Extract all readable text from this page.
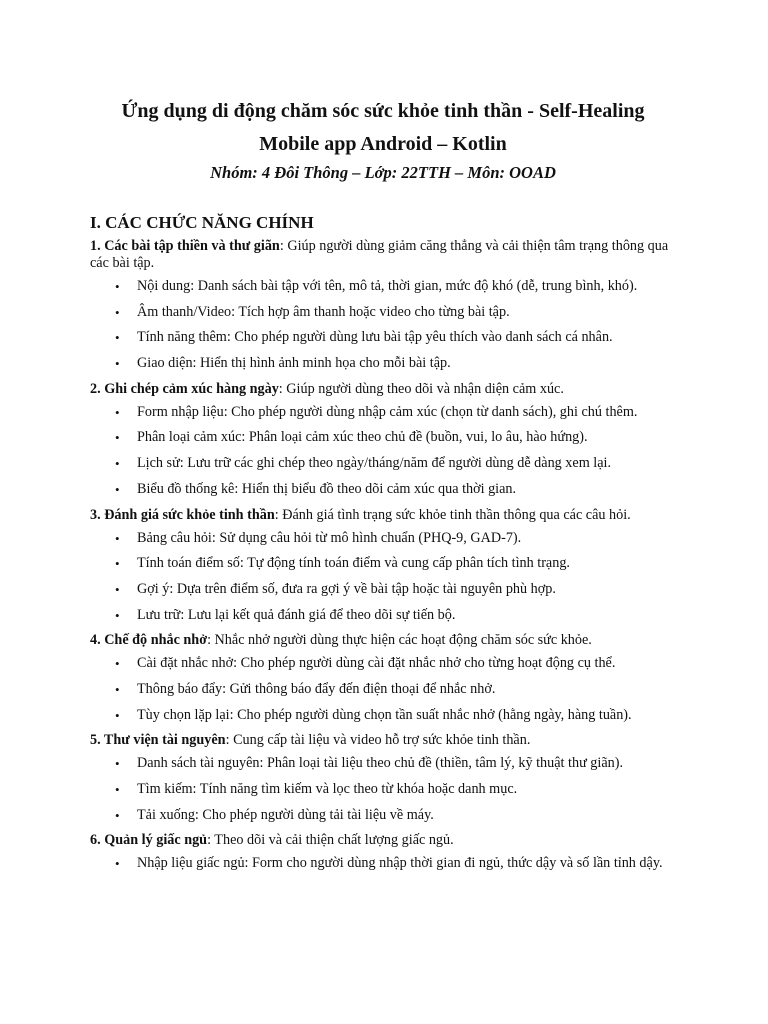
Ứng dụng di động chăm sóc sức khỏe tinh thần - Self-Healing
Mobile app Android – Kotlin

Nhóm: 4 Đôi Thông – Lớp: 22TTH – Môn: OOAD

I. CÁC CHỨC NĂNG CHÍNH

1. Các bài tập thiền và thư giãn: Giúp người dùng giảm căng thẳng và cải thiện tâm trạng thông qua các bài tập.

• Nội dung: Danh sách bài tập với tên, mô tả, thời gian, mức độ khó (dễ, trung bình, khó).
• Âm thanh/Video: Tích hợp âm thanh hoặc video cho từng bài tập.
• Tính năng thêm: Cho phép người dùng lưu bài tập yêu thích vào danh sách cá nhân.
• Giao diện: Hiển thị hình ảnh minh họa cho mỗi bài tập.

2. Ghi chép cảm xúc hàng ngày: Giúp người dùng theo dõi và nhận diện cảm xúc.

• Form nhập liệu: Cho phép người dùng nhập cảm xúc (chọn từ danh sách), ghi chú thêm.
• Phân loại cảm xúc: Phân loại cảm xúc theo chủ đề (buồn, vui, lo âu, hào hứng).
• Lịch sử: Lưu trữ các ghi chép theo ngày/tháng/năm để người dùng dễ dàng xem lại.
• Biểu đồ thống kê: Hiển thị biểu đồ theo dõi cảm xúc qua thời gian.

3. Đánh giá sức khỏe tinh thần: Đánh giá tình trạng sức khỏe tinh thần thông qua các câu hỏi.

• Bảng câu hỏi: Sử dụng câu hỏi từ mô hình chuẩn (PHQ-9, GAD-7).
• Tính toán điểm số: Tự động tính toán điểm và cung cấp phân tích tình trạng.
• Gợi ý: Dựa trên điểm số, đưa ra gợi ý về bài tập hoặc tài nguyên phù hợp.
• Lưu trữ: Lưu lại kết quả đánh giá để theo dõi sự tiến bộ.

4. Chế độ nhắc nhở: Nhắc nhở người dùng thực hiện các hoạt động chăm sóc sức khỏe.

• Cài đặt nhắc nhở: Cho phép người dùng cài đặt nhắc nhở cho từng hoạt động cụ thể.
• Thông báo đẩy: Gửi thông báo đẩy đến điện thoại để nhắc nhở.
• Tùy chọn lặp lại: Cho phép người dùng chọn tần suất nhắc nhở (hằng ngày, hàng tuần).

5. Thư viện tài nguyên: Cung cấp tài liệu và video hỗ trợ sức khỏe tinh thần.

• Danh sách tài nguyên: Phân loại tài liệu theo chủ đề (thiền, tâm lý, kỹ thuật thư giãn).
• Tìm kiếm: Tính năng tìm kiếm và lọc theo từ khóa hoặc danh mục.
• Tải xuống: Cho phép người dùng tải tài liệu về máy.

6. Quản lý giấc ngủ: Theo dõi và cải thiện chất lượng giấc ngủ.

• Nhập liệu giấc ngủ: Form cho người dùng nhập thời gian đi ngủ, thức dậy và số lần tỉnh dậy.
